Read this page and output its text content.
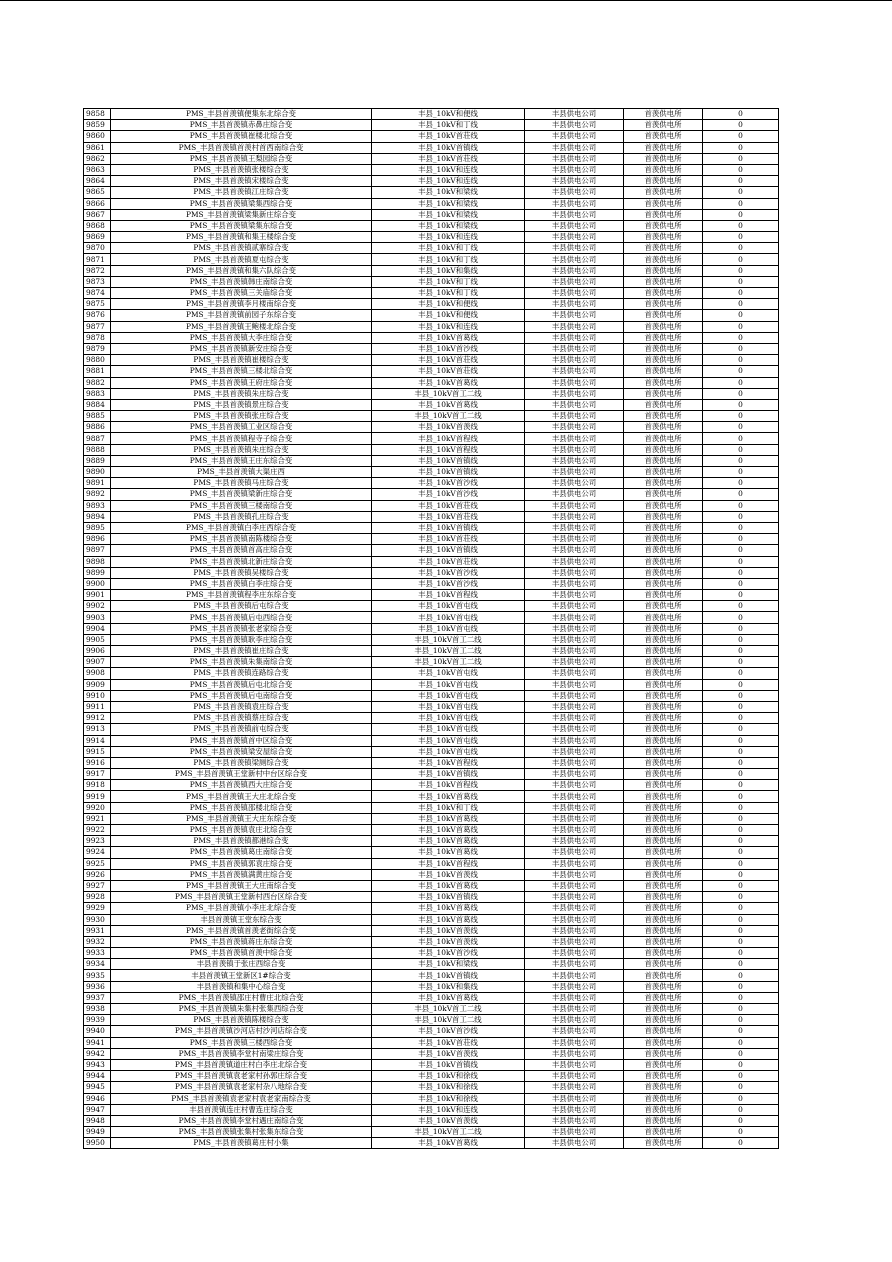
9858	PMS_丰县首羡镇便集东北综合变	丰县_10kV和便线	丰县供电公司	首羡供电所	0
9859	PMS_丰县首羡镇赤鼻庄综合变	丰县_10kV和丁线	丰县供电公司	首羡供电所	0
9860	PMS_丰县首羡镇崔楼北综合变	丰县_10kV首荘线	丰县供电公司	首羡供电所	0
9861	PMS_丰县首羡镇首羡村首西南综合变	丰县_10kV首镇线	丰县供电公司	首羡供电所	0
9862	PMS_丰县首羡镇王梨园综合变	丰县_10kV首荘线	丰县供电公司	首羡供电所	0
9863	PMS_丰县首羡镇张楼综合变	丰县_10kV和连线	丰县供电公司	首羡供电所	0
9864	PMS_丰县首羡镇宋楼综合变	丰县_10kV和连线	丰县供电公司	首羡供电所	0
9865	PMS_丰县首羡镇江庄综合变	丰县_10kV和梁线	丰县供电公司	首羡供电所	0
9866	PMS_丰县首羡镇梁集西综合变	丰县_10kV和梁线	丰县供电公司	首羡供电所	0
9867	PMS_丰县首羡镇梁集新庄综合变	丰县_10kV和梁线	丰县供电公司	首羡供电所	0
9868	PMS_丰县首羡镇梁集东综合变	丰县_10kV和梁线	丰县供电公司	首羡供电所	0
9869	PMS_丰县首羡镇和集王楼综合变	丰县_10kV和连线	丰县供电公司	首羡供电所	0
9870	PMS_丰县首羡镇贰寨综合变	丰县_10kV和丁线	丰县供电公司	首羡供电所	0
9871	PMS_丰县首羡镇夏屯综合变	丰县_10kV和丁线	丰县供电公司	首羡供电所	0
9872	PMS_丰县首羡镇和集六队综合变	丰县_10kV和集线	丰县供电公司	首羡供电所	0
9873	PMS_丰县首羡镇韩庄南综合变	丰县_10kV和丁线	丰县供电公司	首羡供电所	0
9874	PMS_丰县首羡镇三关庙综合变	丰县_10kV和丁线	丰县供电公司	首羡供电所	0
9875	PMS_丰县首羡镇李月楼南综合变	丰县_10kV和便线	丰县供电公司	首羡供电所	0
9876	PMS_丰县首羡镇前园子东综合变	丰县_10kV和便线	丰县供电公司	首羡供电所	0
9877	PMS_丰县首羡镇王鲍楼北综合变	丰县_10kV和连线	丰县供电公司	首羡供电所	0
9878	PMS_丰县首羡镇大李庄综合变	丰县_10kV首葛线	丰县供电公司	首羡供电所	0
9879	PMS_丰县首羡镇新安庄综合变	丰县_10kV首沙线	丰县供电公司	首羡供电所	0
9880	PMS_丰县首羡镇崔楼综合变	丰县_10kV首荘线	丰县供电公司	首羡供电所	0
9881	PMS_丰县首羡镇三楼北综合变	丰县_10kV首荘线	丰县供电公司	首羡供电所	0
9882	PMS_丰县首羡镇王府庄综合变	丰县_10kV首葛线	丰县供电公司	首羡供电所	0
9883	PMS_丰县首羡镇朱庄综合变	丰县_10kV首工二线	丰县供电公司	首羡供电所	0
9884	PMS_丰县首羡镇景庄综合变	丰县_10kV首葛线	丰县供电公司	首羡供电所	0
9885	PMS_丰县首羡镇张庄综合变	丰县_10kV首工二线	丰县供电公司	首羡供电所	0
9886	PMS_丰县首羡镇工业区综合变	丰县_10kV首羡线	丰县供电公司	首羡供电所	0
9887	PMS_丰县首羡镇程寺子综合变	丰县_10kV首程线	丰县供电公司	首羡供电所	0
9888	PMS_丰县首羡镇朱庄综合变	丰县_10kV首程线	丰县供电公司	首羡供电所	0
9889	PMS_丰县首羡镇王庄东综合变	丰县_10kV首镇线	丰县供电公司	首羡供电所	0
9890	PMS_丰县首羡镇大渠庄西	丰县_10kV首镇线	丰县供电公司	首羡供电所	0
9891	PMS_丰县首羡镇马庄综合变	丰县_10kV首沙线	丰县供电公司	首羡供电所	0
9892	PMS_丰县首羡镇梁新庄综合变	丰县_10kV首沙线	丰县供电公司	首羡供电所	0
9893	PMS_丰县首羡镇三楼南综合变	丰县_10kV首荘线	丰县供电公司	首羡供电所	0
9894	PMS_丰县首羡镇孔庄综合变	丰县_10kV首荘线	丰县供电公司	首羡供电所	0
9895	PMS_丰县首羡镇白李庄西综合变	丰县_10kV首镇线	丰县供电公司	首羡供电所	0
9896	PMS_丰县首羡镇南陈楼综合变	丰县_10kV首荘线	丰县供电公司	首羡供电所	0
9897	PMS_丰县首羡镇首高庄综合变	丰县_10kV首镇线	丰县供电公司	首羡供电所	0
9898	PMS_丰县首羡镇北新庄综合变	丰县_10kV首荘线	丰县供电公司	首羡供电所	0
9899	PMS_丰县首羡镇吴楼综合变	丰县_10kV首沙线	丰县供电公司	首羡供电所	0
9900	PMS_丰县首羡镇白李庄综合变	丰县_10kV首沙线	丰县供电公司	首羡供电所	0
9901	PMS_丰县首羡镇程李庄东综合变	丰县_10kV首程线	丰县供电公司	首羡供电所	0
9902	PMS_丰县首羡镇后屯综合变	丰县_10kV首屯线	丰县供电公司	首羡供电所	0
9903	PMS_丰县首羡镇后屯西综合变	丰县_10kV首屯线	丰县供电公司	首羡供电所	0
9904	PMS_丰县首羡镇张老家综合变	丰县_10kV首屯线	丰县供电公司	首羡供电所	0
9905	PMS_丰县首羡镇耿李庄综合变	丰县_10kV首工二线	丰县供电公司	首羡供电所	0
9906	PMS_丰县首羡镇崔庄综合变	丰县_10kV首工二线	丰县供电公司	首羡供电所	0
9907	PMS_丰县首羡镇朱集南综合变	丰县_10kV首工二线	丰县供电公司	首羡供电所	0
9908	PMS_丰县首羡镇连路综合变	丰县_10kV首屯线	丰县供电公司	首羡供电所	0
9909	PMS_丰县首羡镇后屯北综合变	丰县_10kV首屯线	丰县供电公司	首羡供电所	0
9910	PMS_丰县首羡镇后屯南综合变	丰县_10kV首屯线	丰县供电公司	首羡供电所	0
9911	PMS_丰县首羡镇袁庄综合变	丰县_10kV首屯线	丰县供电公司	首羡供电所	0
9912	PMS_丰县首羡镇蔡庄综合变	丰县_10kV首屯线	丰县供电公司	首羡供电所	0
9913	PMS_丰县首羡镇前屯综合变	丰县_10kV首屯线	丰县供电公司	首羡供电所	0
9914	PMS_丰县首羡镇首中区综合变	丰县_10kV首屯线	丰县供电公司	首羡供电所	0
9915	PMS_丰县首羡镇梁安屋综合变	丰县_10kV首屯线	丰县供电公司	首羡供电所	0
9916	PMS_丰县首羡镇梁厕综合变	丰县_10kV首程线	丰县供电公司	首羡供电所	0
9917	PMS_丰县首羡镇王堂新村中台区综合变	丰县_10kV首镇线	丰县供电公司	首羡供电所	0
9918	PMS_丰县首羡镇西大庄综合变	丰县_10kV首程线	丰县供电公司	首羡供电所	0
9919	PMS_丰县首羡镇王大庄北综合变	丰县_10kV首葛线	丰县供电公司	首羡供电所	0
9920	PMS_丰县首羡镇邵楼北综合变	丰县_10kV和丁线	丰县供电公司	首羡供电所	0
9921	PMS_丰县首羡镇王大庄东综合变	丰县_10kV首葛线	丰县供电公司	首羡供电所	0
9922	PMS_丰县首羡镇袁庄北综合变	丰县_10kV首葛线	丰县供电公司	首羡供电所	0
9923	PMS_丰县首羡镇都港综合变	丰县_10kV首葛线	丰县供电公司	首羡供电所	0
9924	PMS_丰县首羡镇葛庄南综合变	丰县_10kV首葛线	丰县供电公司	首羡供电所	0
9925	PMS_丰县首羡镇郭袁庄综合变	丰县_10kV首程线	丰县供电公司	首羡供电所	0
9926	PMS_丰县首羡镇满黄庄综合变	丰县_10kV首羡线	丰县供电公司	首羡供电所	0
9927	PMS_丰县首羡镇王大庄南综合变	丰县_10kV首葛线	丰县供电公司	首羡供电所	0
9928	PMS_丰县首羡镇王堂新村西台区综合变	丰县_10kV首镇线	丰县供电公司	首羡供电所	0
9929	PMS_丰县首羡镇小李庄北综合变	丰县_10kV首葛线	丰县供电公司	首羡供电所	0
9930	丰县首羡镇王堂东综合变	丰县_10kV首葛线	丰县供电公司	首羡供电所	0
9931	PMS_丰县首羡镇首羡老街综合变	丰县_10kV首羡线	丰县供电公司	首羡供电所	0
9932	PMS_丰县首羡镇蒋庄东综合变	丰县_10kV首羡线	丰县供电公司	首羡供电所	0
9933	PMS_丰县首羡镇首羡中综合变	丰县_10kV首沙线	丰县供电公司	首羡供电所	0
9934	丰县首羡镇于张庄西综合变	丰县_10kV和梁线	丰县供电公司	首羡供电所	0
9935	丰县首羡镇王堂新区1#综合变	丰县_10kV首镇线	丰县供电公司	首羡供电所	0
9936	丰县首羡镇和集中心综合变	丰县_10kV和集线	丰县供电公司	首羡供电所	0
9937	PMS_丰县首羡镇邵庄村曹庄北综合变	丰县_10kV首葛线	丰县供电公司	首羡供电所	0
9938	PMS_丰县首羡镇朱集村张集西综合变	丰县_10kV首工二线	丰县供电公司	首羡供电所	0
9939	PMS_丰县首羡镇陈楼综合变	丰县_10kV首工二线	丰县供电公司	首羡供电所	0
9940	PMS_丰县首羡镇沙河店村沙河店综合变	丰县_10kV首沙线	丰县供电公司	首羡供电所	0
9941	PMS_丰县首羡镇三楼西综合变	丰县_10kV首荘线	丰县供电公司	首羡供电所	0
9942	PMS_丰县首羡镇李堂村南梁庄综合变	丰县_10kV首羡线	丰县供电公司	首羡供电所	0
9943	PMS_丰县首羡镇道庄村白李庄北综合变	丰县_10kV首镇线	丰县供电公司	首羡供电所	0
9944	PMS_丰县首羡镇袁老家村孙郭庄综合变	丰县_10kV和徐线	丰县供电公司	首羡供电所	0
9945	PMS_丰县首羡镇袁老家村杂八地综合变	丰县_10kV和徐线	丰县供电公司	首羡供电所	0
9946	PMS_丰县首羡镇袁老家村袁老家南综合变	丰县_10kV和徐线	丰县供电公司	首羡供电所	0
9947	丰县首羡镇连庄村曹连庄综合变	丰县_10kV和连线	丰县供电公司	首羡供电所	0
9948	PMS_丰县首羡镇李堂村遇庄南综合变	丰县_10kV首羡线	丰县供电公司	首羡供电所	0
9949	PMS_丰县首羡镇张集村张集东综合变	丰县_10kV首工二线	丰县供电公司	首羡供电所	0
9950	PMS_丰县首羡镇葛庄村小集	丰县_10kV首葛线	丰县供电公司	首羡供电所	0
